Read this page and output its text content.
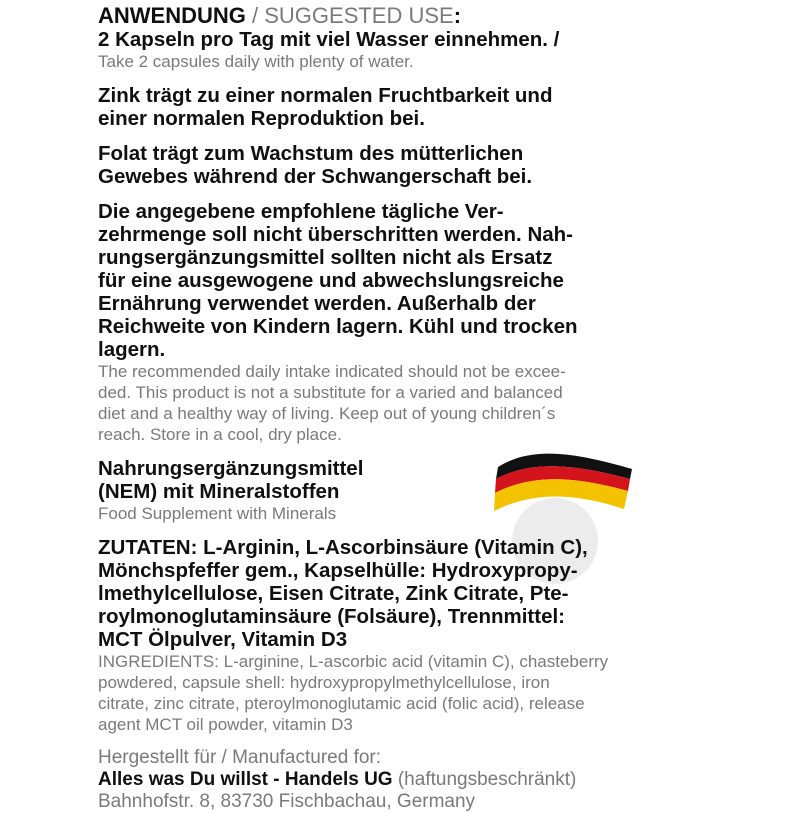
ANWENDUNG / SUGGESTED USE:

2 Kapseln pro Tag mit viel Wasser einnehmen. /

Take 2 capsules daily with plenty of water.

Zink trägt zu einer normalen Fruchtbarkeit und

einer normalen Reproduktion bei.

Folat trägt zum Wachstum des mütterlichen

Gewebes während der Schwangerschaft bei.

Die angegebene empfohlene tägliche Ver-

zehrmenge soll nicht überschritten werden. Nah-

rungsergänzungsmittel sollten nicht als Ersatz

für eine ausgewogene und abwechslungsreiche

Ernährung verwendet werden. Außerhalb der

Reichweite von Kindern lagern. Kühl und trocken

lagern.

The recommended daily intake indicated should not be excee-

ded. This product is not a substitute for a varied and balanced

diet and a healthy way of living. Keep out of young children´s

reach. Store in a cool, dry place.

Nahrungsergänzungsmittel

(NEM) mit Mineralstoffen

Food Supplement with Minerals

ZUTATEN: L-Arginin, L-Ascorbinsäure (Vitamin C),

Mönchspfeffer gem., Kapselhülle: Hydroxypropy-

lmethylcellulose, Eisen Citrate, Zink Citrate, Pte-

roylmonoglutaminsäure (Folsäure), Trennmittel:

MCT Ölpulver, Vitamin D3

INGREDIENTS: L-arginine, L-ascorbic acid (vitamin C), chasteberry

powdered, capsule shell: hydroxypropylmethylcellulose, iron

citrate, zinc citrate, pteroylmonoglutamic acid (folic acid), release

agent MCT oil powder, vitamin D3

Hergestellt für / Manufactured for:
Alles was Du willst - Handels UG (haftungsbeschränkt)
Bahnhofstr. 8, 83730 Fischbachau, Germany
